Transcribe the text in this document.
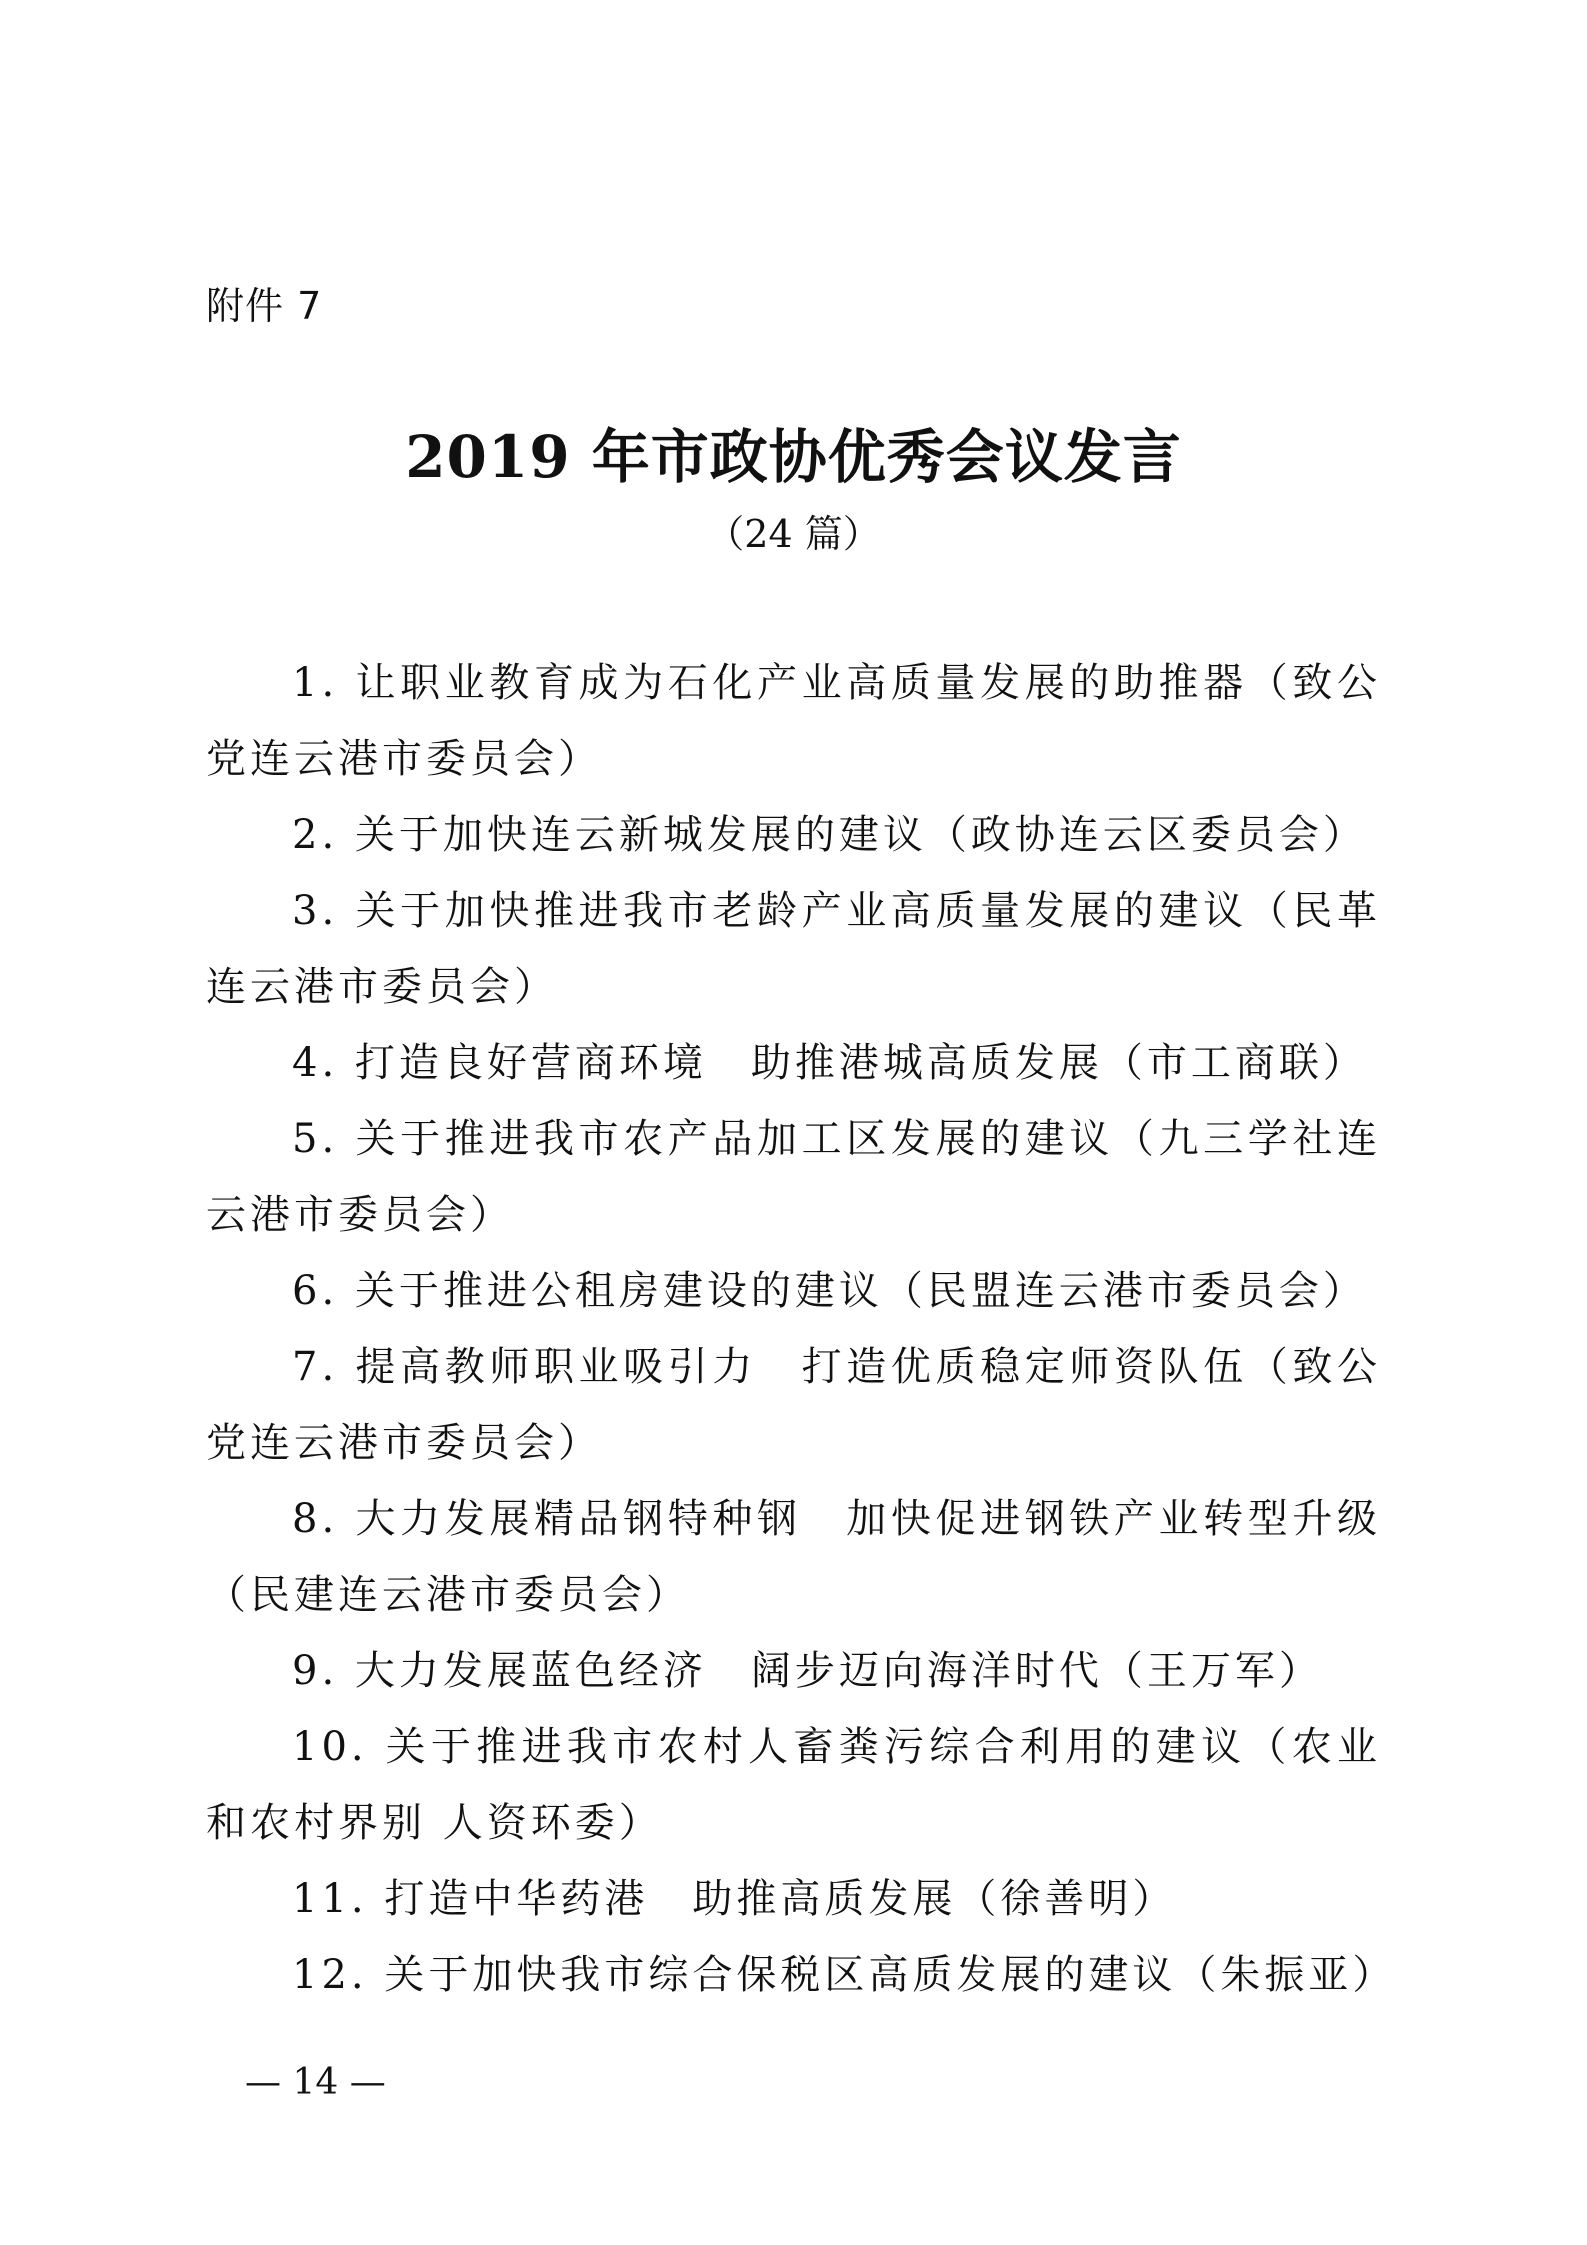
附件 7
2019 年市政协优秀会议发言
（24 篇）
1. 让职业教育成为石化产业高质量发展的助推器（致公党连云港市委员会）
2. 关于加快连云新城发展的建议（政协连云区委员会）
3. 关于加快推进我市老龄产业高质量发展的建议（民革连云港市委员会）
4. 打造良好营商环境　助推港城高质发展（市工商联）
5. 关于推进我市农产品加工区发展的建议（九三学社连云港市委员会）
6. 关于推进公租房建设的建议（民盟连云港市委员会）
7. 提高教师职业吸引力　打造优质稳定师资队伍（致公党连云港市委员会）
8. 大力发展精品钢特种钢　加快促进钢铁产业转型升级（民建连云港市委员会）
9. 大力发展蓝色经济　阔步迈向海洋时代（王万军）
10. 关于推进我市农村人畜粪污综合利用的建议（农业和农村界别 人资环委）
11. 打造中华药港　助推高质发展（徐善明）
12. 关于加快我市综合保税区高质发展的建议（朱振亚）
— 14 —
